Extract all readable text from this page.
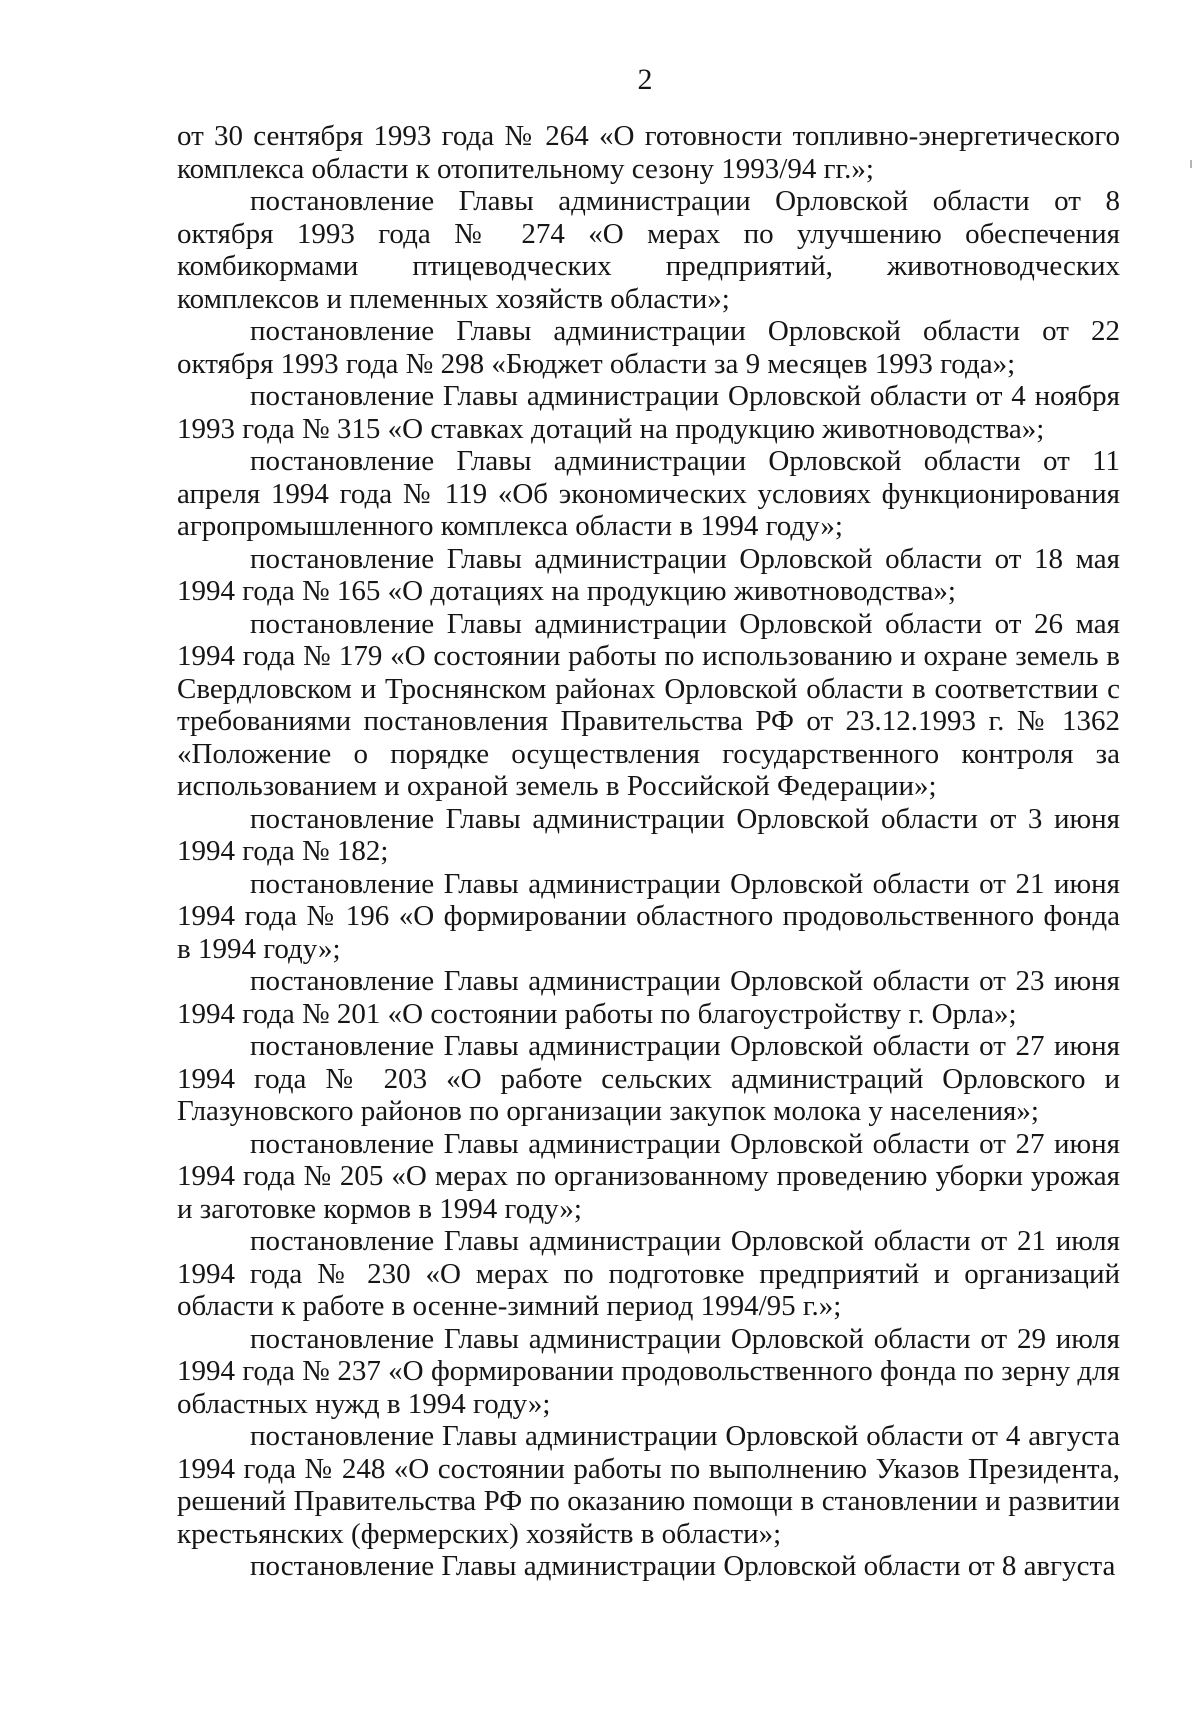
2

от 30 сентября 1993 года № 264 «О готовности топливно-энергетического комплекса области к отопительному сезону 1993/94 гг.»;

постановление Главы администрации Орловской области от 8 октября 1993 года № 274 «О мерах по улучшению обеспечения комбикормами птицеводческих предприятий, животноводческих комплексов и племенных хозяйств области»;

постановление Главы администрации Орловской области от 22 октября 1993 года № 298 «Бюджет области за 9 месяцев 1993 года»;

постановление Главы администрации Орловской области от 4 ноября 1993 года № 315 «О ставках дотаций на продукцию животноводства»;

постановление Главы администрации Орловской области от 11 апреля 1994 года № 119 «Об экономических условиях функционирования агропромышленного комплекса области в 1994 году»;

постановление Главы администрации Орловской области от 18 мая 1994 года № 165 «О дотациях на продукцию животноводства»;

постановление Главы администрации Орловской области от 26 мая 1994 года № 179 «О состоянии работы по использованию и охране земель в Свердловском и Троснянском районах Орловской области в соответствии с требованиями постановления Правительства РФ от 23.12.1993 г. № 1362 «Положение о порядке осуществления государственного контроля за использованием и охраной земель в Российской Федерации»;

постановление Главы администрации Орловской области от 3 июня 1994 года № 182;

постановление Главы администрации Орловской области от 21 июня 1994 года № 196 «О формировании областного продовольственного фонда в 1994 году»;

постановление Главы администрации Орловской области от 23 июня 1994 года № 201 «О состоянии работы по благоустройству г. Орла»;

постановление Главы администрации Орловской области от 27 июня 1994 года № 203 «О работе сельских администраций Орловского и Глазуновского районов по организации закупок молока у населения»;

постановление Главы администрации Орловской области от 27 июня 1994 года № 205 «О мерах по организованному проведению уборки урожая и заготовке кормов в 1994 году»;

постановление Главы администрации Орловской области от 21 июля 1994 года № 230 «О мерах по подготовке предприятий и организаций области к работе в осенне-зимний период 1994/95 г.»;

постановление Главы администрации Орловской области от 29 июля 1994 года № 237 «О формировании продовольственного фонда по зерну для областных нужд в 1994 году»;

постановление Главы администрации Орловской области от 4 августа 1994 года № 248 «О состоянии работы по выполнению Указов Президента, решений Правительства РФ по оказанию помощи в становлении и развитии крестьянских (фермерских) хозяйств в области»;

постановление Главы администрации Орловской области от 8 августа
